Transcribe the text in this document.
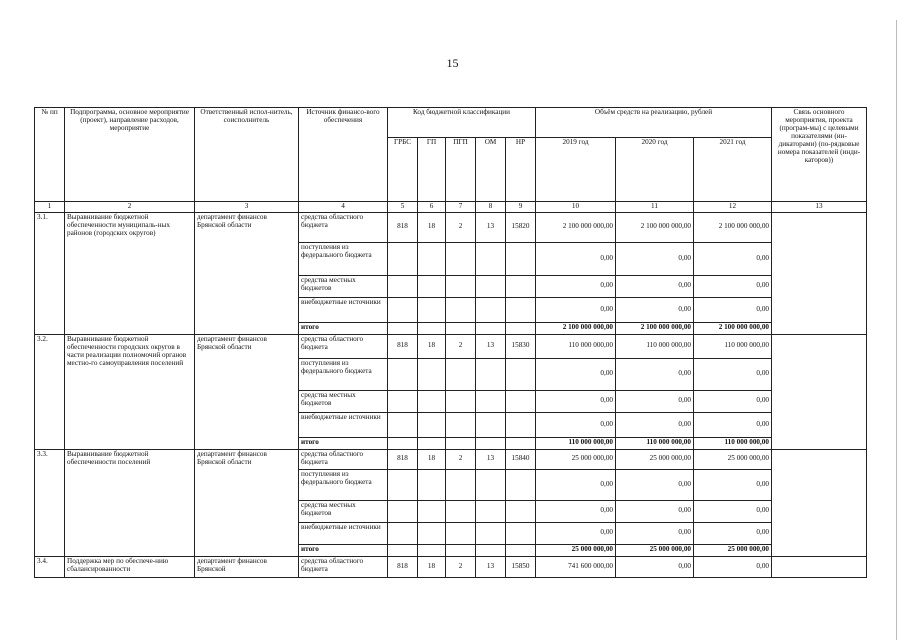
15
№ пп	Подпрограмма, основное мероприятие (проект), направление расходов, мероприятие	Ответственный испол-нитель, соисполнитель	Источник финансо-вого обеспечения	Код бюджетной классификации					Объём средств на реализацию, рублей			Связь основного мероприятия, проекта (програм-мы) с целевыми показателями (ин-дикаторами) (по-рядковые номера показателей (инди-каторов))
				ГРБС	ГП	ПГП	ОМ	НР	2019 год	2020 год	2021 год	
1	2	3	4	5	6	7	8	9	10	11	12	13
3.1.	Выравнивание бюджетной обеспеченности муниципаль-ных районов (городских округов)	департамент финансов Брянской области	средства областного бюджета	818	18	2	13	15820	2 100 000 000,00	2 100 000 000,00	2 100 000 000,00	
			поступления из федерального бюджета						0,00	0,00	0,00	
			средства местных бюджетов						0,00	0,00	0,00	
			внебюджетные источники						0,00	0,00	0,00	
			итого						2 100 000 000,00	2 100 000 000,00	2 100 000 000,00	
3.2.	Выравнивание бюджетной обеспеченности городских округов в части реализации полномочий органов местно-го самоуправления поселений	департамент финансов Брянской области	средства областного бюджета	818	18	2	13	15830	110 000 000,00	110 000 000,00	110 000 000,00	
			поступления из федерального бюджета						0,00	0,00	0,00	
			средства местных бюджетов						0,00	0,00	0,00	
			внебюджетные источники						0,00	0,00	0,00	
			итого						110 000 000,00	110 000 000,00	110 000 000,00	
3.3.	Выравнивание бюджетной обеспеченности поселений	департамент финансов Брянской области	средства областного бюджета	818	18	2	13	15840	25 000 000,00	25 000 000,00	25 000 000,00	
			поступления из федерального бюджета						0,00	0,00	0,00	
			средства местных бюджетов						0,00	0,00	0,00	
			внебюджетные источники						0,00	0,00	0,00	
			итого						25 000 000,00	25 000 000,00	25 000 000,00	
3.4.	Поддержка мер по обеспече-нию сбалансированности	департамент финансов Брянской	средства областного бюджета	818	18	2	13	15850	741 600 000,00	0,00	0,00	
